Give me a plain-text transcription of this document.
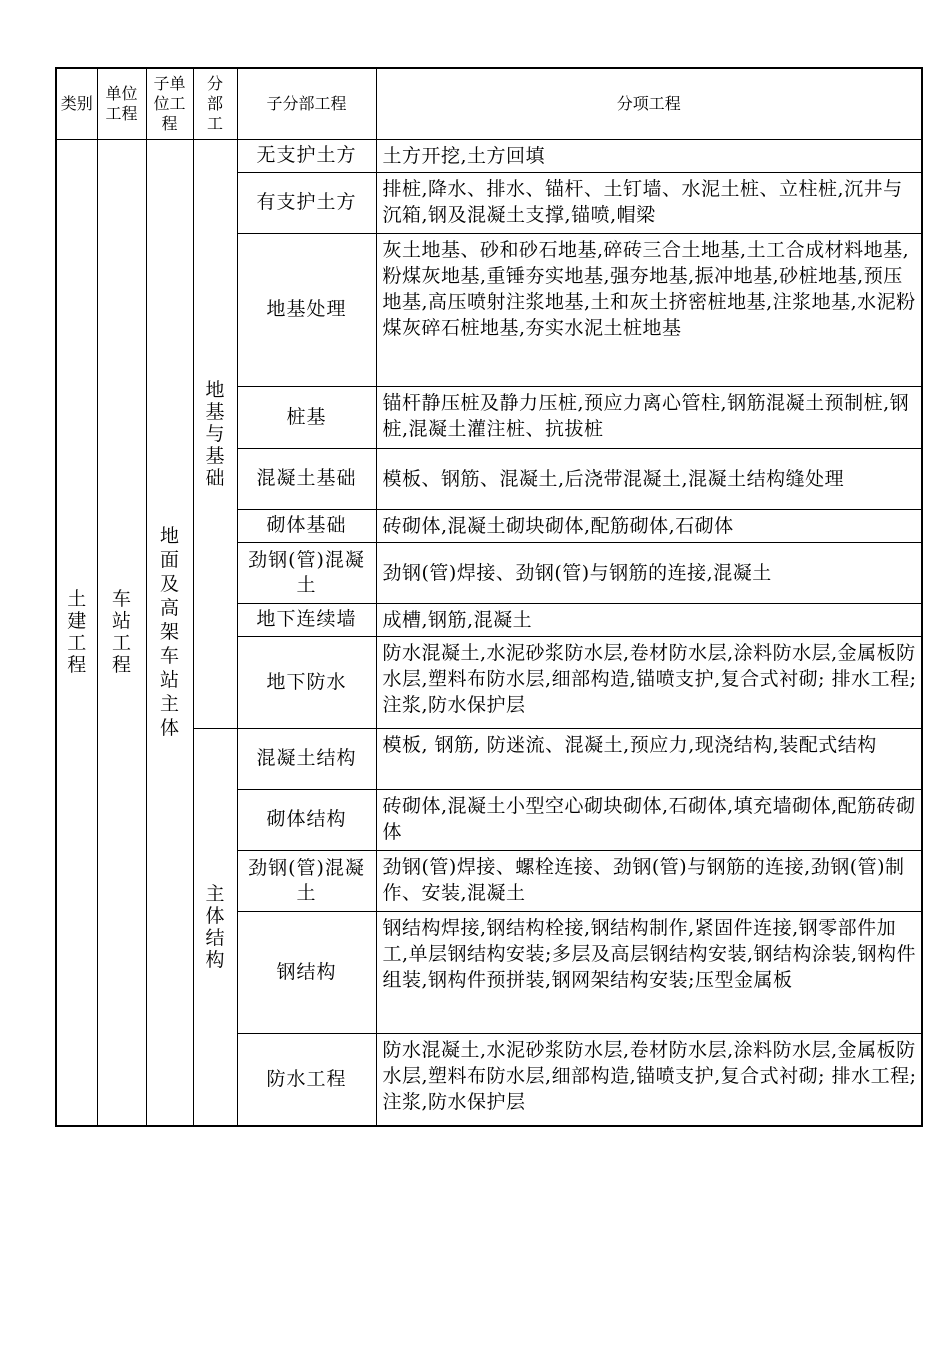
类别	单位工程	子单位工程	分部工	子分部工程	分项工程
土建工程	车站工程	地面及高架车站主体	地基与基础	无支护土方	土方开挖,土方回填
				有支护土方	排桩,降水、排水、锚杆、土钉墙、水泥土桩、立柱桩,沉井与沉箱,钢及混凝土支撑,锚喷,帽梁
				地基处理	灰土地基、砂和砂石地基,碎砖三合土地基,土工合成材料地基,粉煤灰地基,重锤夯实地基,强夯地基,振冲地基,砂桩地基,预压地基,高压喷射注浆地基,土和灰土挤密桩地基,注浆地基,水泥粉煤灰碎石桩地基,夯实水泥土桩地基
				桩基	锚杆静压桩及静力压桩,预应力离心管柱,钢筋混凝土预制桩,钢桩,混凝土灌注桩、抗拔桩
				混凝土基础	模板、钢筋、混凝土,后浇带混凝土,混凝土结构缝处理
				砌体基础	砖砌体,混凝土砌块砌体,配筋砌体,石砌体
				劲钢(管)混凝土	劲钢(管)焊接、劲钢(管)与钢筋的连接,混凝土
				地下连续墙	成槽,钢筋,混凝土
				地下防水	防水混凝土,水泥砂浆防水层,卷材防水层,涂料防水层,金属板防水层,塑料布防水层,细部构造,锚喷支护,复合式衬砌; 排水工程; 注浆,防水保护层
			主体结构	混凝土结构	模板, 钢筋, 防迷流、混凝土,预应力,现浇结构,装配式结构
				砌体结构	砖砌体,混凝土小型空心砌块砌体,石砌体,填充墙砌体,配筋砖砌体
				劲钢(管)混凝土	劲钢(管)焊接、螺栓连接、劲钢(管)与钢筋的连接,劲钢(管)制作、安装,混凝土
				钢结构	钢结构焊接,钢结构栓接,钢结构制作,紧固件连接,钢零部件加工,单层钢结构安装;多层及高层钢结构安装,钢结构涂装,钢构件组装,钢构件预拼装,钢网架结构安装;压型金属板
				防水工程	防水混凝土,水泥砂浆防水层,卷材防水层,涂料防水层,金属板防水层,塑料布防水层,细部构造,锚喷支护,复合式衬砌; 排水工程; 注浆,防水保护层
